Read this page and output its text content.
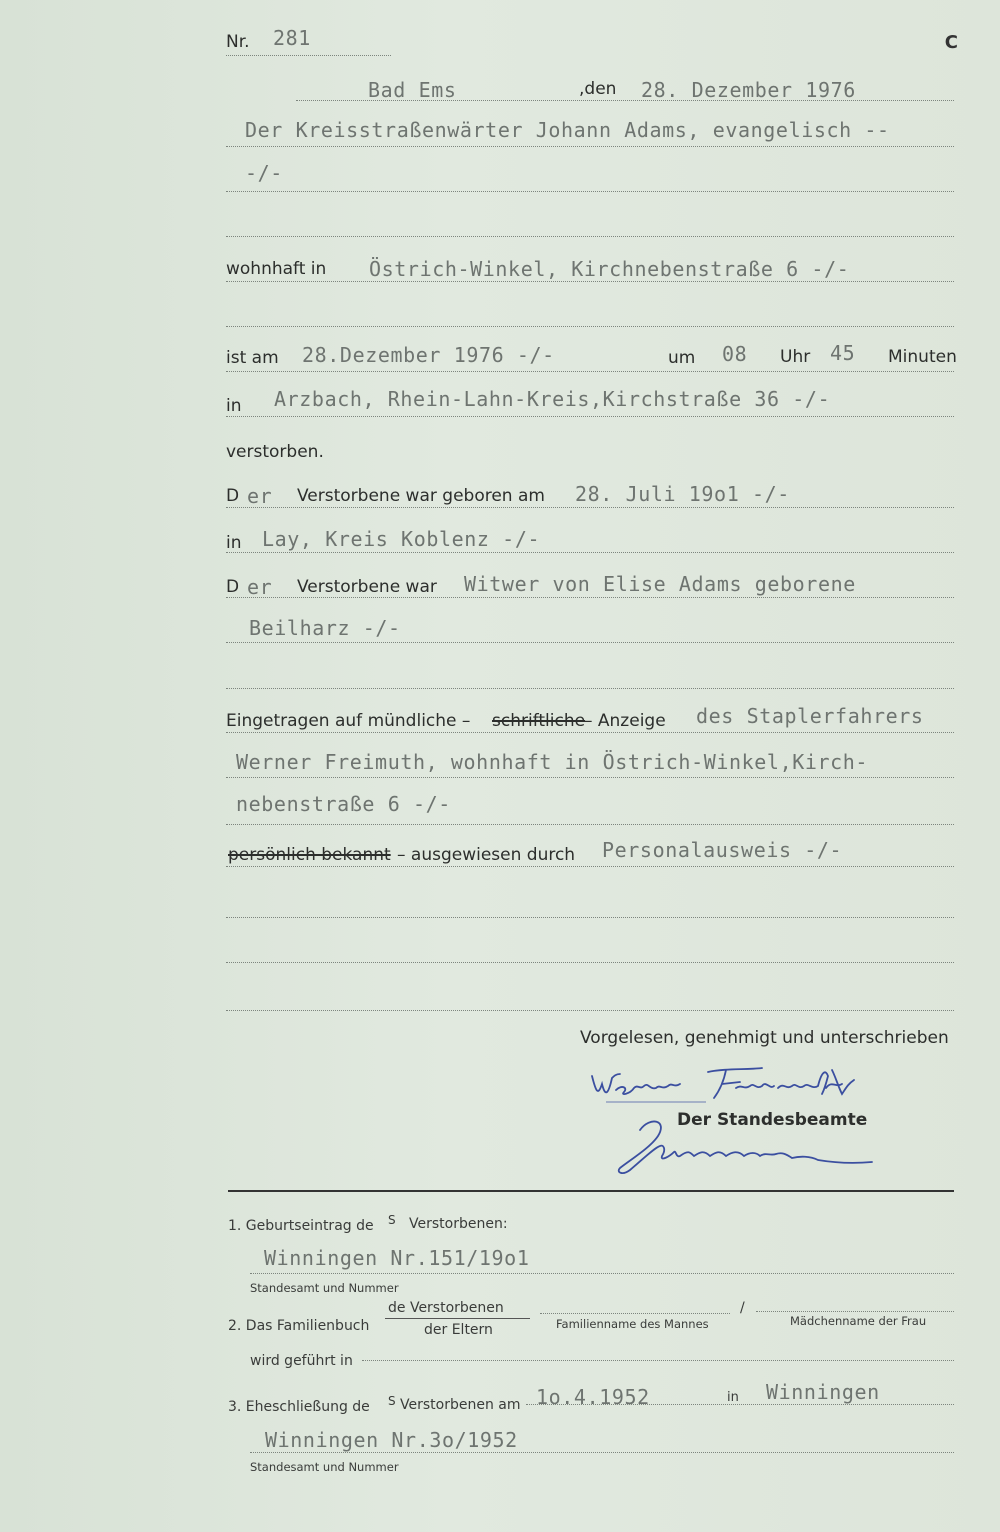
Nr. 281	C
Bad Ems	,den 28. Dezember 1976
Der Kreisstraßenwärter Johann Adams, evangelisch --
-/-
wohnhaft in Östrich-Winkel, Kirchnebenstraße 6 -/-
ist am 28.Dezember 1976 -/-	um 08 Uhr 45 Minuten
in Arzbach, Rhein-Lahn-Kreis,Kirchstraße 36 -/-
verstorben.
D er Verstorbene war geboren am 28. Juli 19o1 -/-
in Lay, Kreis Koblenz -/-
D er Verstorbene war Witwer von Elise Adams geborene
Beilharz -/-
Eingetragen auf mündliche – schriftliche
– Anzeige des Staplerfahrers
Werner Freimuth, wohnhaft in Östrich-Winkel,Kirch-
nebenstraße 6 -/-
persönlich bekannt – ausgewiesen durch Personalausweis -/-
Vorgelesen, genehmigt und unterschrieben
Der Standesbeamte
1. Geburtseintrag de S Verstorbenen:
Winningen Nr.151/19o1
Standesamt und Nummer
2. Das Familienbuch
de Verstorbenen
der Eltern	Familienname des Mannes
/
Mädchenname der Frau
wird geführt in
3. Eheschließung de S Verstorbenen am 1o.4.1952	in Winningen
Winningen Nr.3o/1952
Standesamt und Nummer
